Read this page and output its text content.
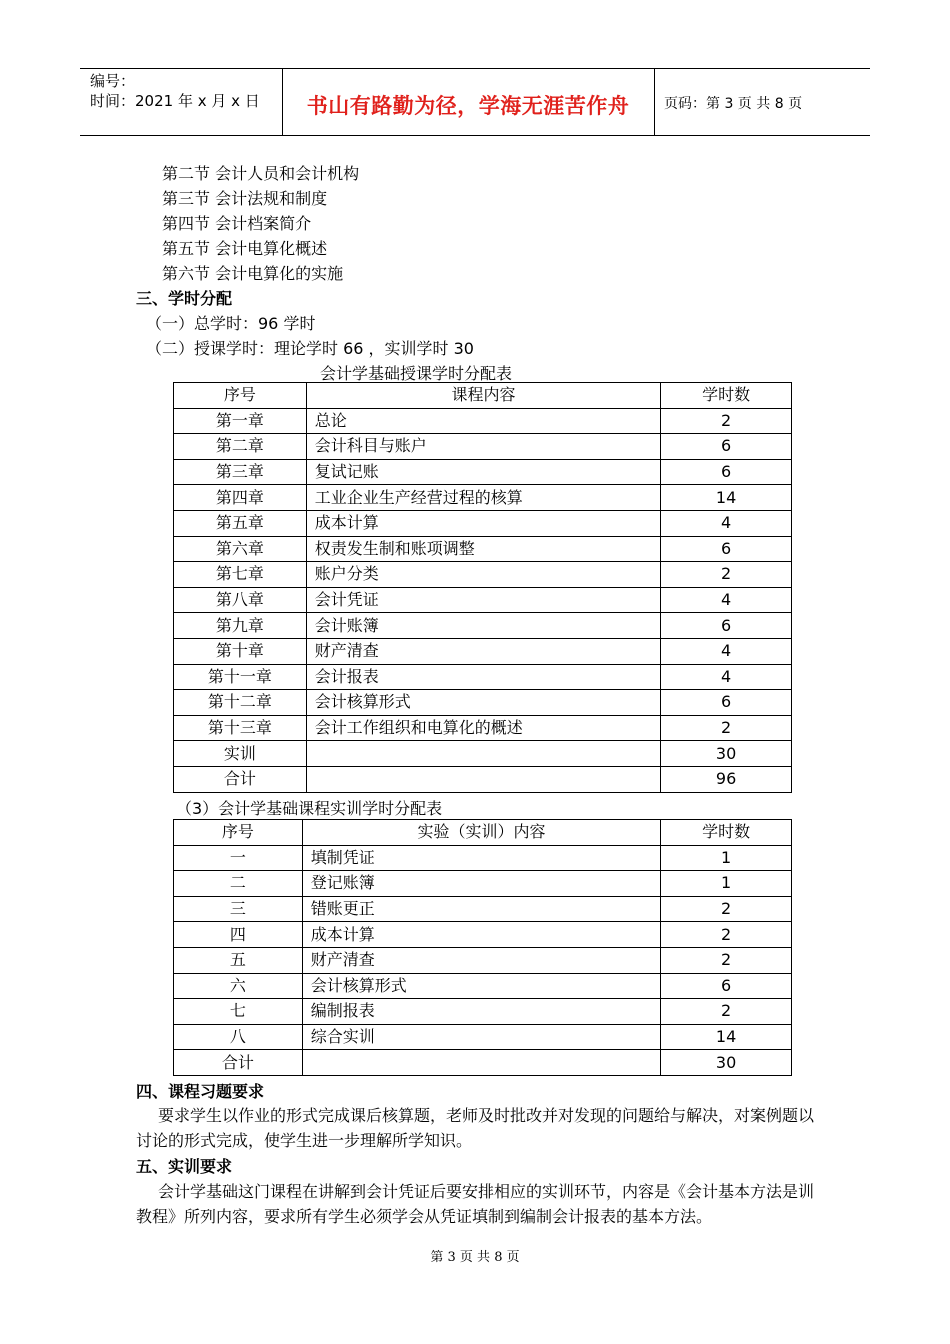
编号：
时间：2021 年 x 月 x 日	书山有路勤为径，学海无涯苦作舟	页码：第 3 页 共 8 页
第二节 会计人员和会计机构
第三节 会计法规和制度
第四节 会计档案简介
第五节 会计电算化概述
第六节 会计电算化的实施
三、学时分配
（一）总学时：96 学时
（二）授课学时：理论学时 66 ，实训学时 30
会计学基础授课学时分配表
序号	课程内容	学时数
第一章	总论	2
第二章	会计科目与账户	6
第三章	复试记账	6
第四章	工业企业生产经营过程的核算	14
第五章	成本计算	4
第六章	权责发生制和账项调整	6
第七章	账户分类	2
第八章	会计凭证	4
第九章	会计账簿	6
第十章	财产清查	4
第十一章	会计报表	4
第十二章	会计核算形式	6
第十三章	会计工作组织和电算化的概述	2
实训		30
合计		96
（3）会计学基础课程实训学时分配表
序号	实验（实训）内容	学时数
一	填制凭证	1
二	登记账簿	1
三	错账更正	2
四	成本计算	2
五	财产清查	2
六	会计核算形式	6
七	编制报表	2
八	综合实训	14
合计		30
四、课程习题要求
要求学生以作业的形式完成课后核算题，老师及时批改并对发现的问题给与解决，对案例题以讨论的形式完成，使学生进一步理解所学知识。
五、实训要求
会计学基础这门课程在讲解到会计凭证后要安排相应的实训环节，内容是《会计基本方法是训教程》所列内容，要求所有学生必须学会从凭证填制到编制会计报表的基本方法。
第 3 页 共 8 页
